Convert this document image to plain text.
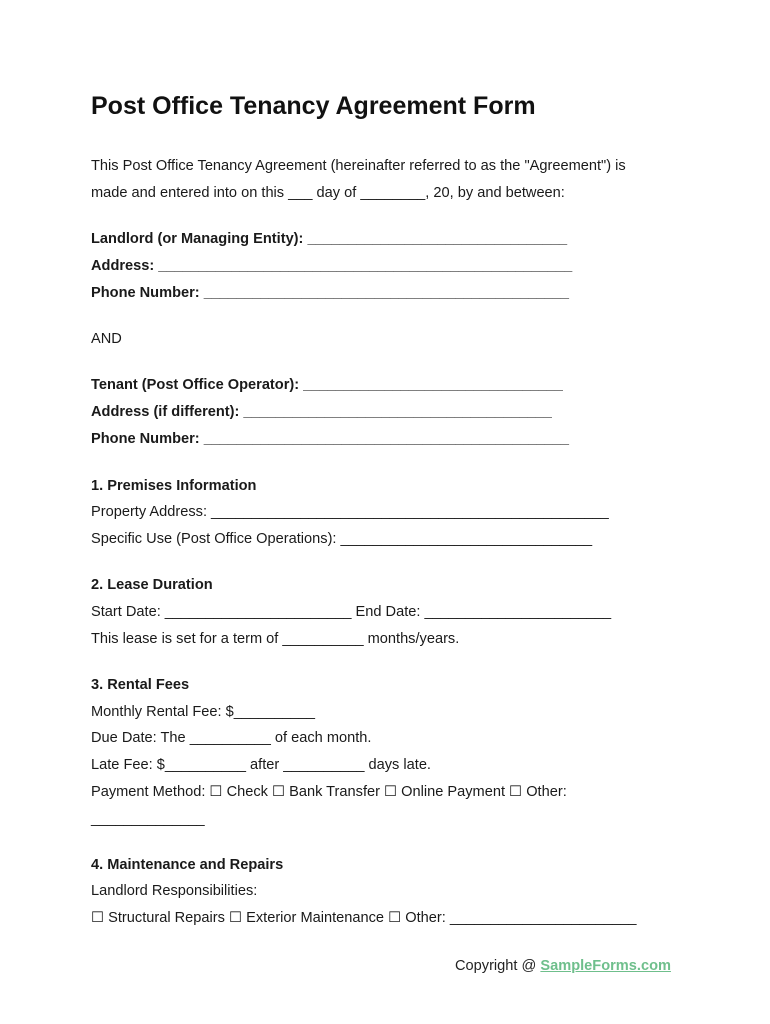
Post Office Tenancy Agreement Form

This Post Office Tenancy Agreement (hereinafter referred to as the "Agreement") is

made and entered into on this ___ day of ________, 20, by and between:

Landlord (or Managing Entity): ________________________________

Address: ___________________________________________________

Phone Number: _____________________________________________

AND

Tenant (Post Office Operator): ________________________________

Address (if different): ______________________________________

Phone Number: _____________________________________________

1. Premises Information

Property Address: _________________________________________________

Specific Use (Post Office Operations): _______________________________

2. Lease Duration

Start Date: _______________________ End Date: _______________________

This lease is set for a term of __________ months/years.

3. Rental Fees

Monthly Rental Fee: $__________

Due Date: The __________ of each month.

Late Fee: $__________ after __________ days late.

Payment Method: ☐ Check ☐ Bank Transfer ☐ Online Payment ☐ Other:

______________

4. Maintenance and Repairs

Landlord Responsibilities:

☐ Structural Repairs ☐ Exterior Maintenance ☐ Other: _______________________

Copyright @ SampleForms.com
